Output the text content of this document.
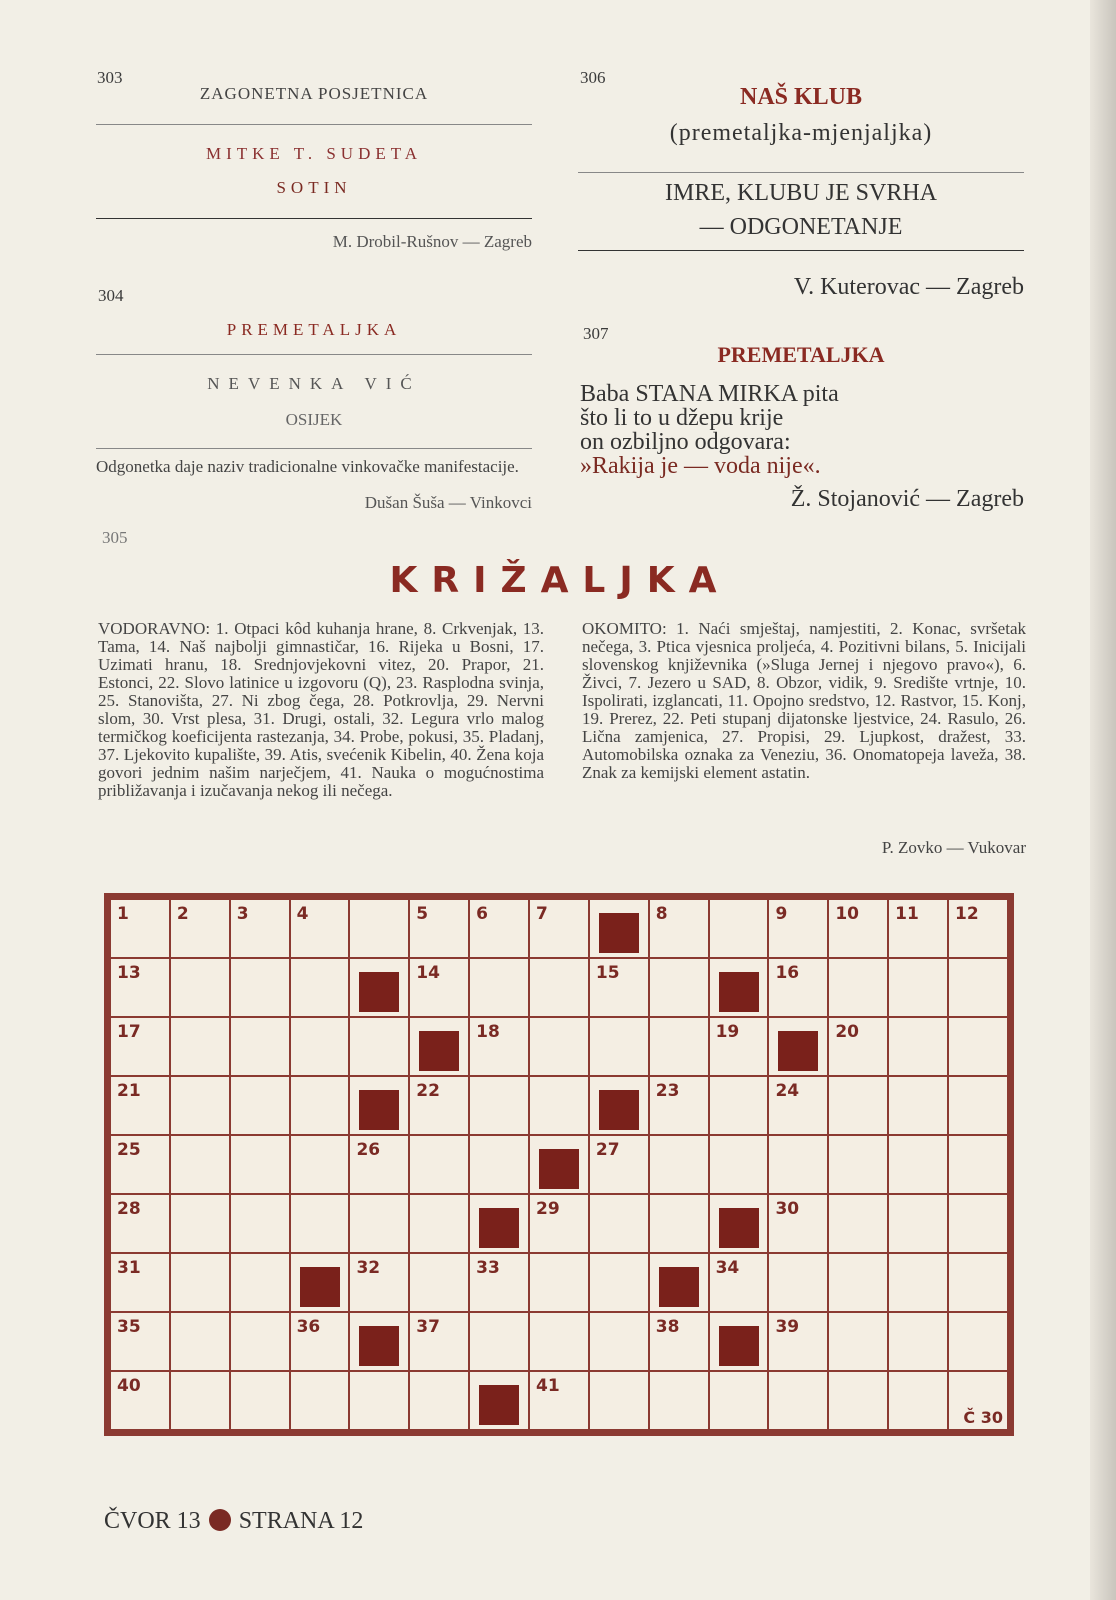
303
ZAGONETNA POSJETNICA
MITKE T. SUDETA
SOTIN
M. Drobil-Rušnov — Zagreb
304
PREMETALJKA
NEVENKA VIĆ
OSIJEK
Odgonetka daje naziv tradicionalne vinkovačke manifestacije.
Dušan Šuša — Vinkovci
306
NAŠ KLUB
(premetaljka-mjenjaljka)
IMRE, KLUBU JE SVRHA
— ODGONETANJE
V. Kuterovac — Zagreb
307
PREMETALJKA
Baba STANA MIRKA pita
što li to u džepu krije
on ozbiljno odgovara:
»Rakija je — voda nije«.
Ž. Stojanović — Zagreb
305
KRIŽALJKA
VODORAVNO: 1. Otpaci kôd kuhanja hrane, 8. Crkvenjak, 13. Tama, 14. Naš najbolji gimnastičar, 16. Rijeka u Bosni, 17. Uzimati hranu, 18. Srednjovjekovni vitez, 20. Prapor, 21. Estonci, 22. Slovo latinice u izgovoru (Q), 23. Rasplodna svinja, 25. Stanovišta, 27. Ni zbog čega, 28. Potkrovlja, 29. Nervni slom, 30. Vrst plesa, 31. Drugi, ostali, 32. Legura vrlo malog termičkog koeficijenta rastezanja, 34. Probe, pokusi, 35. Pladanj, 37. Ljekovito kupalište, 39. Atis, svećenik Kibelin, 40. Žena koja govori jednim našim narječjem, 41. Nauka o mogućnostima približavanja i izučavanja nekog ili nečega.
OKOMITO: 1. Naći smještaj, namjestiti, 2. Konac, svršetak nečega, 3. Ptica vjesnica proljeća, 4. Pozitivni bilans, 5. Inicijali slovenskog književnika (»Sluga Jernej i njegovo pravo«), 6. Živci, 7. Jezero u SAD, 8. Obzor, vidik, 9. Središte vrtnje, 10. Ispolirati, izglancati, 11. Opojno sredstvo, 12. Rastvor, 15. Konj, 19. Prerez, 22. Peti stupanj dijatonske ljestvice, 24. Rasulo, 26. Lična zamjenica, 27. Propisi, 29. Ljupkost, dražest, 33. Automobilska oznaka za Veneziu, 36. Onomatopeja laveža, 38. Znak za kemijski element astatin.
P. Zovko — Vukovar
1	2	3	4		5	6	7		8		9	10	11	12

13					14			15			16			

17						18				19		20		

21					22				23		24			

25				26				27						

28							29				30			

31				32		33				34				

35			36		37				38		39			

40							41							Č 30
ČVOR 13 STRANA 12
